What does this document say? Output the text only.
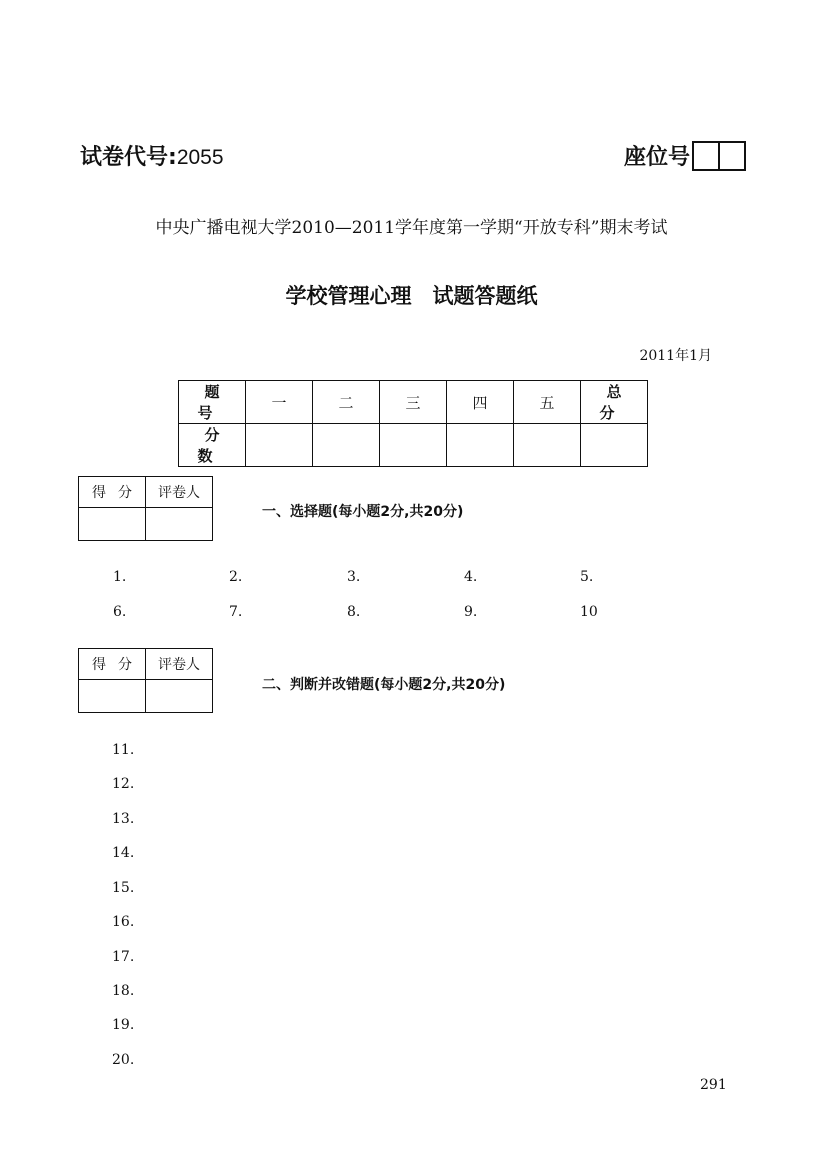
试卷代号:2055	座位号
中央广播电视大学2010—2011学年度第一学期“开放专科”期末考试
学校管理心理　试题答题纸
2011年1月
题号	一	二	三	四	五	总分
分数						
得分	评卷人

一、选择题(每小题2分,共20分)
1.	2.	3.	4.	5.
6.	7.	8.	9.	10
得分	评卷人

二、判断并改错题(每小题2分,共20分)
11.
12.
13.
14.
15.
16.
17.
18.
19.
20.
291
